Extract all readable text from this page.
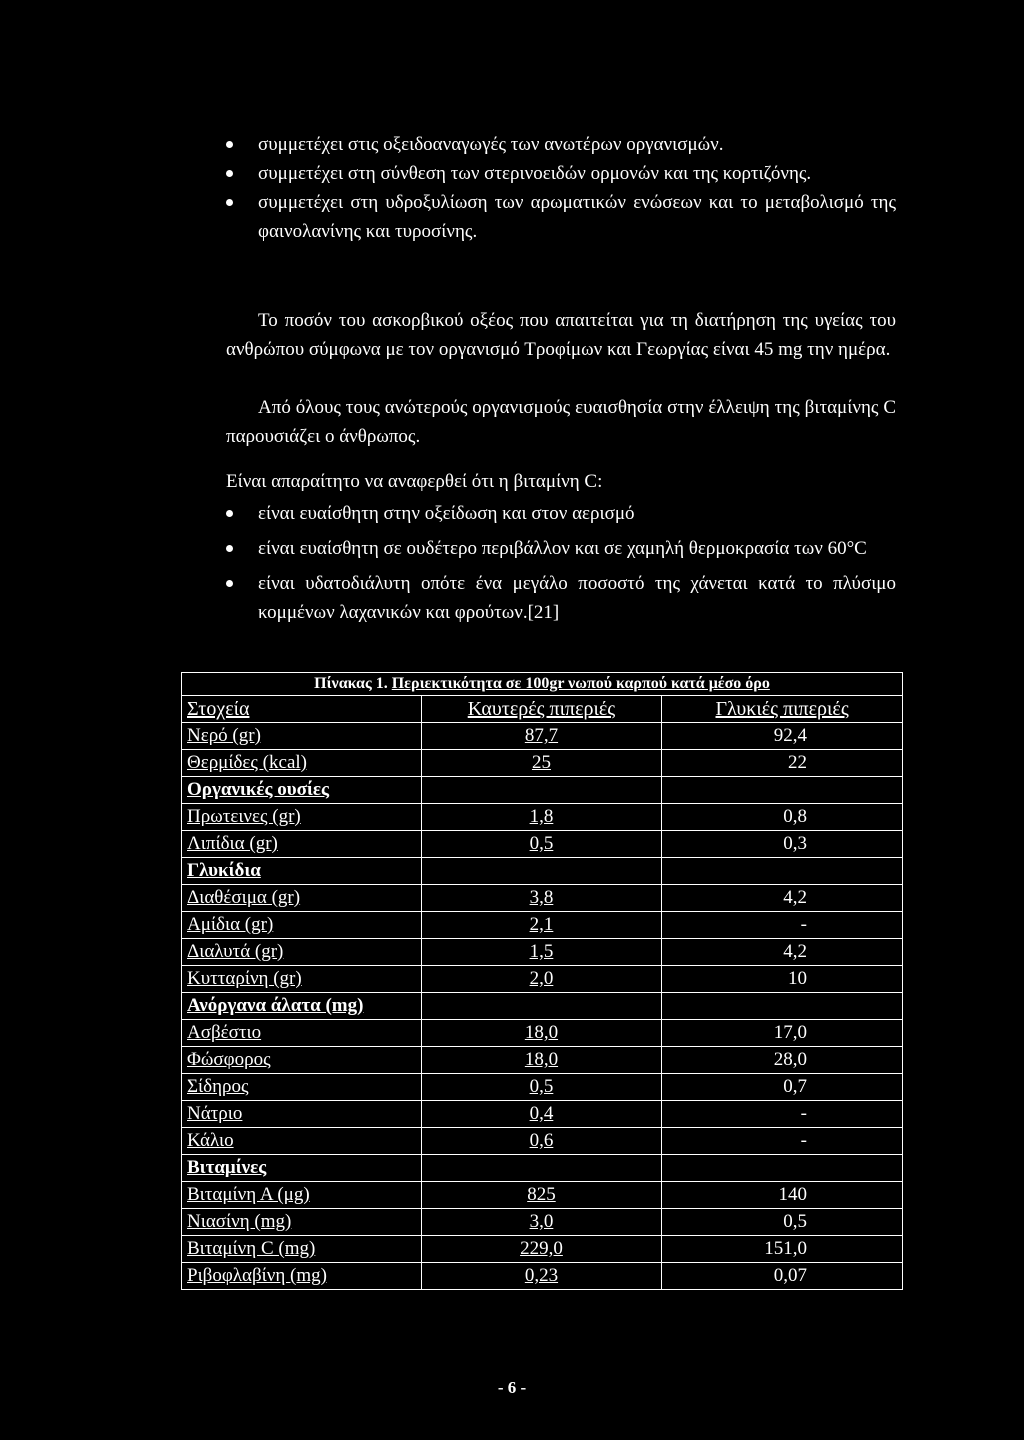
συμμετέχει στις οξειδοαναγωγές των ανωτέρων οργανισμών.
συμμετέχει στη σύνθεση των στερινοειδών ορμονών και της κορτιζόνης.
συμμετέχει στη υδροξυλίωση των αρωματικών ενώσεων και το μεταβολισμό της φαινολανίνης και τυροσίνης.
Το ποσόν του ασκορβικού οξέος που απαιτείται για τη διατήρηση της υγείας του ανθρώπου σύμφωνα με τον οργανισμό Τροφίμων και Γεωργίας είναι 45 mg την ημέρα.
Από όλους τους ανώτερούς οργανισμούς ευαισθησία στην έλλειψη της βιταμίνης C παρουσιάζει ο άνθρωπος.
Είναι απαραίτητο να αναφερθεί ότι η βιταμίνη C:
είναι ευαίσθητη στην οξείδωση και στον αερισμό
είναι ευαίσθητη σε ουδέτερο περιβάλλον και σε χαμηλή θερμοκρασία των 60°C
είναι υδατοδιάλυτη οπότε ένα μεγάλο ποσοστό της χάνεται κατά το πλύσιμο κομμένων λαχανικών και φρούτων.[21]
Πίνακας 1. Περιεκτικότητα σε 100gr νωπού καρπού κατά μέσο όρο		
Στοχεία	Καυτερές πιπεριές	Γλυκιές πιπεριές
Νερό (gr)	87,7	92,4
Θερμίδες (kcal)	25	22
Οργανικές ουσίες		
Πρωτεινες (gr)	1,8	0,8
Λιπίδια (gr)	0,5	0,3
Γλυκίδια		
Διαθέσιμα (gr)	3,8	4,2
Αμίδια (gr)	2,1	-
Διαλυτά (gr)	1,5	4,2
Κυτταρίνη (gr)	2,0	10
Ανόργανα άλατα (mg)		
Ασβέστιο	18,0	17,0
Φώσφορος	18,0	28,0
Σίδηρος	0,5	0,7
Νάτριο	0,4	-
Κάλιο	0,6	-
Βιταμίνες		
Βιταμίνη Α (μg)	825	140
Νιασίνη (mg)	3,0	0,5
Βιταμίνη C (mg)	229,0	151,0
Ριβοφλαβίνη (mg)	0,23	0,07
- 6 -
